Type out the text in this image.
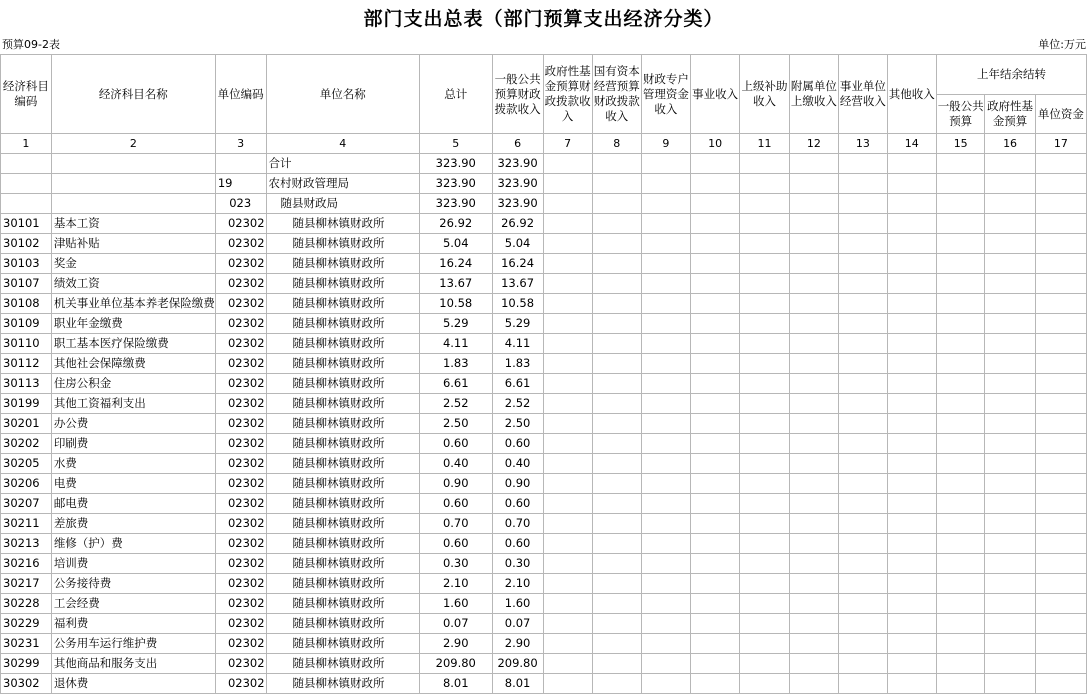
部门支出总表（部门预算支出经济分类）
预算09-2表	单位:万元
经济科目编码	经济科目名称	单位编码	单位名称	总计	一般公共预算财政拨款收入	政府性基金预算财政拨款收入	国有资本经营预算财政拨款收入	财政专户管理资金收入	事业收入	上级补助收入	附属单位上缴收入	事业单位经营收入	其他收入	上年结余结转		
														一般公共预算	政府性基金预算	单位资金
1	2	3	4	5	6	7	8	9	10	11	12	13	14	15	16	17
			合计	323.90	323.90											
		19	农村财政管理局	323.90	323.90											
		023	随县财政局	323.90	323.90											
30101	基本工资	02302	随县柳林镇财政所	26.92	26.92											
30102	津贴补贴	02302	随县柳林镇财政所	5.04	5.04											
30103	奖金	02302	随县柳林镇财政所	16.24	16.24											
30107	绩效工资	02302	随县柳林镇财政所	13.67	13.67											
30108	机关事业单位基本养老保险缴费	02302	随县柳林镇财政所	10.58	10.58											
30109	职业年金缴费	02302	随县柳林镇财政所	5.29	5.29											
30110	职工基本医疗保险缴费	02302	随县柳林镇财政所	4.11	4.11											
30112	其他社会保障缴费	02302	随县柳林镇财政所	1.83	1.83											
30113	住房公积金	02302	随县柳林镇财政所	6.61	6.61											
30199	其他工资福利支出	02302	随县柳林镇财政所	2.52	2.52											
30201	办公费	02302	随县柳林镇财政所	2.50	2.50											
30202	印刷费	02302	随县柳林镇财政所	0.60	0.60											
30205	水费	02302	随县柳林镇财政所	0.40	0.40											
30206	电费	02302	随县柳林镇财政所	0.90	0.90											
30207	邮电费	02302	随县柳林镇财政所	0.60	0.60											
30211	差旅费	02302	随县柳林镇财政所	0.70	0.70											
30213	维修（护）费	02302	随县柳林镇财政所	0.60	0.60											
30216	培训费	02302	随县柳林镇财政所	0.30	0.30											
30217	公务接待费	02302	随县柳林镇财政所	2.10	2.10											
30228	工会经费	02302	随县柳林镇财政所	1.60	1.60											
30229	福利费	02302	随县柳林镇财政所	0.07	0.07											
30231	公务用车运行维护费	02302	随县柳林镇财政所	2.90	2.90											
30299	其他商品和服务支出	02302	随县柳林镇财政所	209.80	209.80											
30302	退休费	02302	随县柳林镇财政所	8.01	8.01											
